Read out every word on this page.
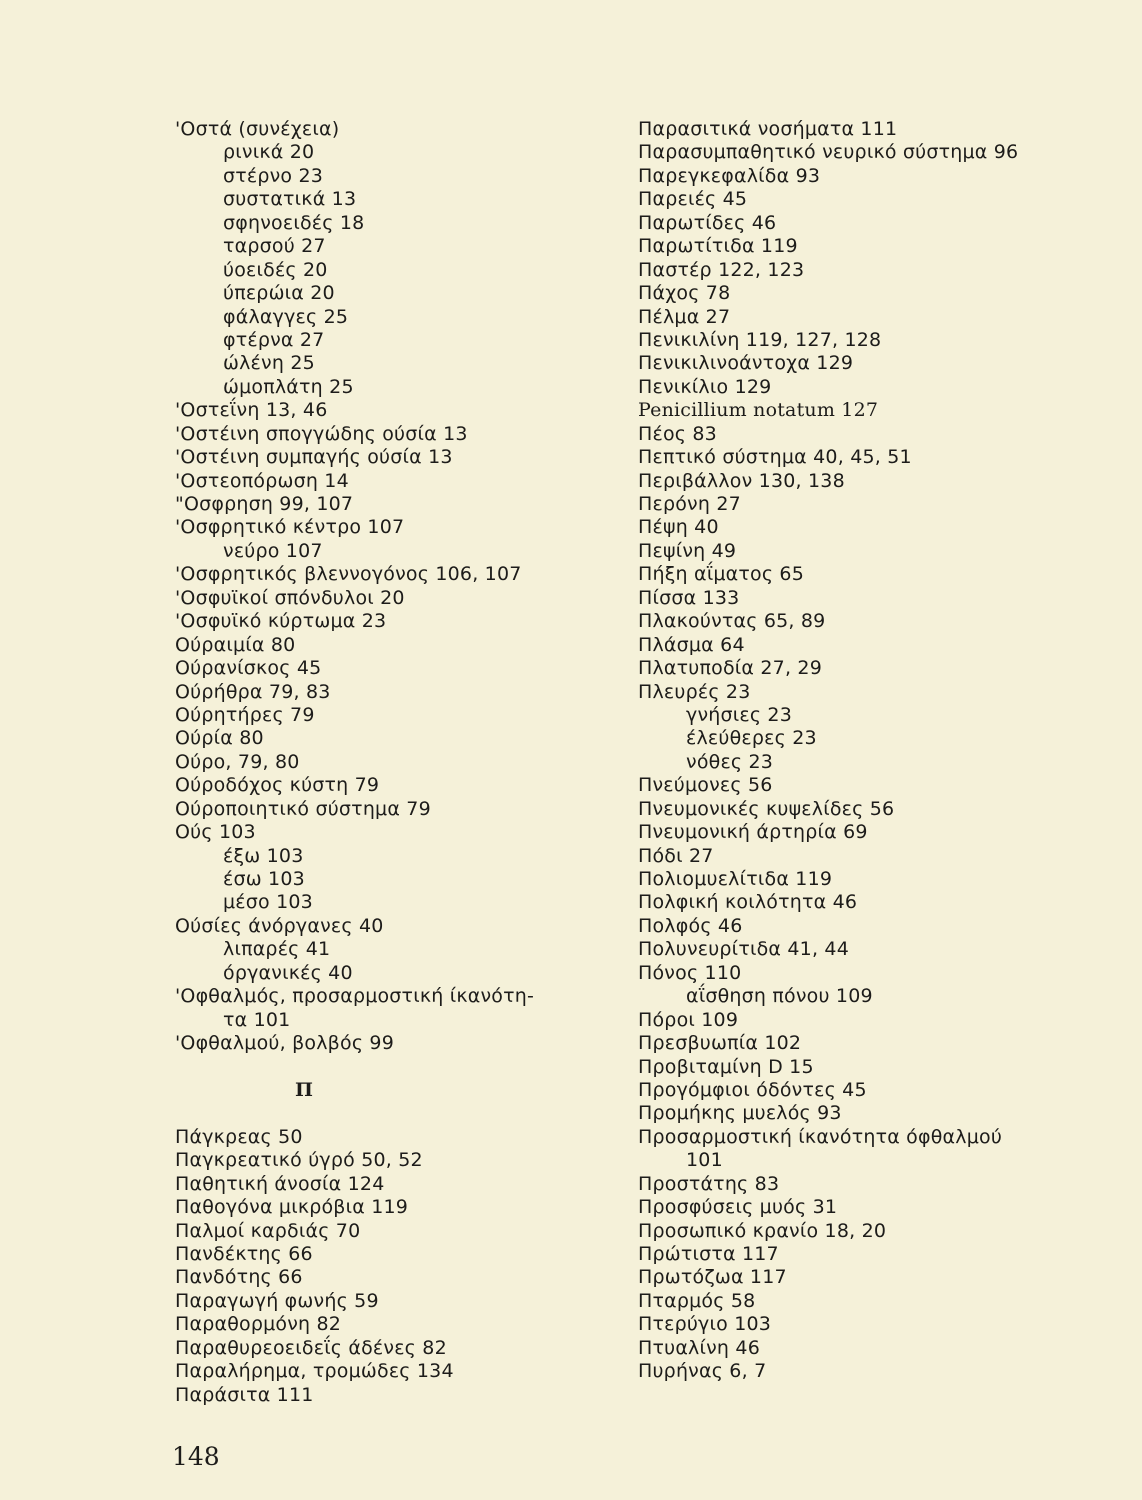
'Οστά (συνέχεια)
ρινικά 20
στέρνο 23
συστατικά 13
σφηνοειδές 18
ταρσού 27
ύοειδές 20
ύπερώια 20
φάλαγγες 25
φτέρνα 27
ώλένη 25
ώμοπλάτη 25
'Οστεΐνη 13, 46
'Οστέινη σπογγώδης ούσία 13
'Οστέινη συμπαγής ούσία 13
'Οστεοπόρωση 14
"Οσφρηση 99, 107
'Οσφρητικό κέντρο 107
νεύρο 107
'Οσφρητικός βλεννογόνος 106, 107
'Οσφυϊκοί σπόνδυλοι 20
'Οσφυϊκό κύρτωμα 23
Ούραιμία 80
Ούρανίσκος 45
Ούρήθρα 79, 83
Ούρητήρες 79
Ούρία 80
Ούρο, 79, 80
Ούροδόχος κύστη 79
Ούροποιητικό σύστημα 79
Ούς 103
έξω 103
έσω 103
μέσο 103
Ούσίες άνόργανες 40
λιπαρές 41
όργανικές 40
'Οφθαλμός, προσαρμοστική ίκανότη-
τα 101
'Οφθαλμού, βολβός 99
Π
Πάγκρεας 50
Παγκρεατικό ύγρό 50, 52
Παθητική άνοσία 124
Παθογόνα μικρόβια 119
Παλμοί καρδιάς 70
Πανδέκτης 66
Πανδότης 66
Παραγωγή φωνής 59
Παραθορμόνη 82
Παραθυρεοειδεΐς άδένες 82
Παραλήρημα, τρομώδες 134
Παράσιτα 111
Παρασιτικά νοσήματα 111
Παρασυμπαθητικό νευρικό σύστημα 96
Παρεγκεφαλίδα 93
Παρειές 45
Παρωτίδες 46
Παρωτίτιδα 119
Παστέρ 122, 123
Πάχος 78
Πέλμα 27
Πενικιλίνη 119, 127, 128
Πενικιλινοάντοχα 129
Πενικίλιο 129
Penicillium notatum 127
Πέος 83
Πεπτικό σύστημα 40, 45, 51
Περιβάλλον 130, 138
Περόνη 27
Πέψη 40
Πεψίνη 49
Πήξη αΐματος 65
Πίσσα 133
Πλακούντας 65, 89
Πλάσμα 64
Πλατυποδία 27, 29
Πλευρές 23
γνήσιες 23
έλεύθερες 23
νόθες 23
Πνεύμονες 56
Πνευμονικές κυψελίδες 56
Πνευμονική άρτηρία 69
Πόδι 27
Πολιομυελίτιδα 119
Πολφική κοιλότητα 46
Πολφός 46
Πολυνευρίτιδα 41, 44
Πόνος 110
αΐσθηση πόνου 109
Πόροι 109
Πρεσβυωπία 102
Προβιταμίνη D 15
Προγόμφιοι όδόντες 45
Προμήκης μυελός 93
Προσαρμοστική ίκανότητα όφθαλμού
101
Προστάτης 83
Προσφύσεις μυός 31
Προσωπικό κρανίο 18, 20
Πρώτιστα 117
Πρωτόζωα 117
Πταρμός 58
Πτερύγιο 103
Πτυαλίνη 46
Πυρήνας 6, 7
148
